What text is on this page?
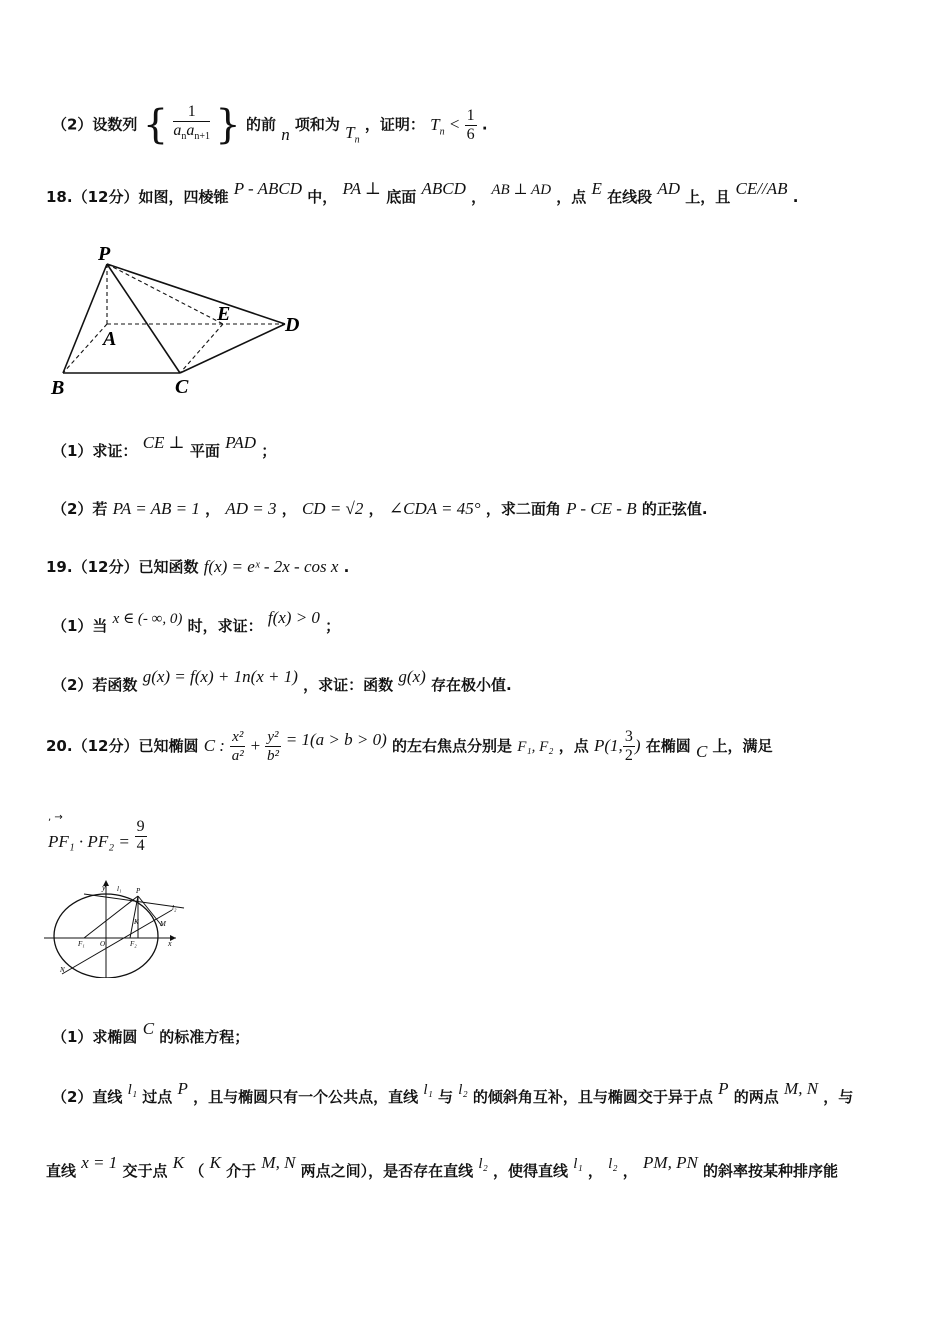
（2）设数列 { $\frac{1}{a_na_{n+1}}$ } 的前 n 项和为 $T_n$ ，证明： $T_n < \frac{1}{6}$ .
18.（12分）如图，四棱锥 P - ABCD 中， PA ⊥ 底面 ABCD ， AB ⊥ AD ，点 E 在线段 AD 上，且 CE//AB .
P
A
B	C
D
E
（1）求证： CE ⊥ 平面 PAD ；
（2）若 PA = AB = 1 ， AD = 3 ， CD = √2 ， ∠CDA = 45° ，求二面角 P - CE - B 的正弦值.
19.（12分）已知函数 f(x) = eˣ - 2x - cos x .
（1）当 x ∈ (- ∞, 0) 时，求证： f(x) > 0 ；
（2）若函数 g(x) = f(x) + 1n(x + 1) ，求证：函数 g(x) 存在极小值.
20.（12分）已知椭圆 C : $\frac{\text{x²}}{\text{a²}} + \frac{\text{y²}}{\text{b²}} = 1(a > b > 0)$ 的左右焦点分别是 F₁, F₂ ，点 P(1, $\frac{3}{2}$ ) 在椭圆 C 上，满足
, →
$PF_1 \cdot PF_2 = \frac{9}{4}$
y l₁ P
l₂
K	M
F₁ O	F₂	x
N
（1）求椭圆 C 的标准方程；
（2）直线 l₁ 过点 P ，且与椭圆只有一个公共点，直线 l₁ 与 l₂ 的倾斜角互补，且与椭圆交于异于点 P 的两点 M, N ，与
直线 x = 1 交于点 K （ K 介于 M, N 两点之间），是否存在直线 l₂ ，使得直线 l₁ ， l₂ ， PM, PN 的斜率按某种排序能
